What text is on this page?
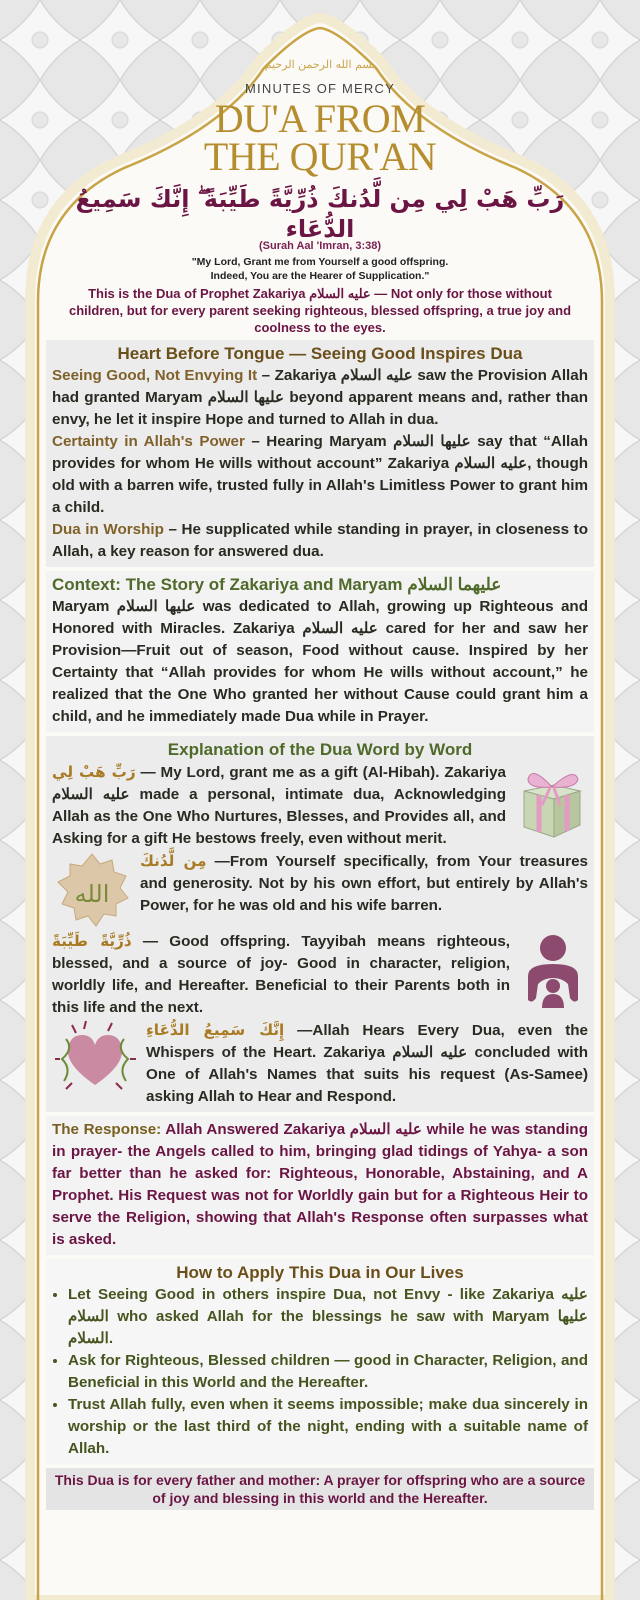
بسم الله الرحمن الرحيم
MINUTES OF MERCY
DU'A FROM
THE QUR'AN
رَبِّ هَبْ لِي مِن لَّدُنكَ ذُرِّيَّةً طَيِّبَةً ۖ إِنَّكَ سَمِيعُ الدُّعَاء
(Surah Aal 'Imran, 3:38)
"My Lord, Grant me from Yourself a good offspring.
Indeed, You are the Hearer of Supplication."
This is the Dua of Prophet Zakariya عليه السلام — Not only for those without children, but for every parent seeking righteous, blessed offspring, a true joy and coolness to the eyes.
Heart Before Tongue — Seeing Good Inspires Dua

Seeing Good, Not Envying It – Zakariya عليه السلام saw the Provision Allah had granted Maryam عليها السلام beyond apparent means and, rather than envy, he let it inspire Hope and turned to Allah in dua.

Certainty in Allah's Power – Hearing Maryam عليها السلام say that “Allah provides for whom He wills without account” Zakariya عليه السلام, though old with a barren wife, trusted fully in Allah's Limitless Power to grant him a child.

Dua in Worship – He supplicated while standing in prayer, in closeness to Allah, a key reason for answered dua.

Context: The Story of Zakariya and Maryam عليهما السلام

Maryam عليها السلام was dedicated to Allah, growing up Righteous and Honored with Miracles. Zakariya عليه السلام cared for her and saw her Provision—Fruit out of season, Food without cause. Inspired by her Certainty that “Allah provides for whom He wills without account,” he realized that the One Who granted her without Cause could grant him a child, and he immediately made Dua while in Prayer.

Explanation of the Dua Word by Word

رَبِّ هَبْ لِي — My Lord, grant me as a gift (Al-Hibah). Zakariya عليه السلام made a personal, intimate dua, Acknowledging Allah as the One Who Nurtures, Blesses, and Provides all, and Asking for a gift He bestows freely, even without merit.

الله

مِن لَّدُنكَ —From Yourself specifically, from Your treasures and generosity. Not by his own effort, but entirely by Allah's Power, for he was old and his wife barren.

ذُرِّيَّةً طَيِّبَةً — Good offspring. Tayyibah means righteous, blessed, and a source of joy- Good in character, religion, worldly life, and Hereafter. Beneficial to their Parents both in this life and the next.

إِنَّكَ سَمِيعُ الدُّعَاءِ —Allah Hears Every Dua, even the Whispers of the Heart. Zakariya عليه السلام concluded with One of Allah's Names that suits his request (As-Samee) asking Allah to Hear and Respond.

The Response: Allah Answered Zakariya عليه السلام while he was standing in prayer- the Angels called to him, bringing glad tidings of Yahya- a son far better than he asked for: Righteous, Honorable, Abstaining, and A Prophet. His Request was not for Worldly gain but for a Righteous Heir to serve the Religion, showing that Allah's Response often surpasses what is asked.

How to Apply This Dua in Our Lives
• Let Seeing Good in others inspire Dua, not Envy - like Zakariya عليه السلام who asked Allah for the blessings he saw with Maryam عليها السلام.
• Ask for Righteous, Blessed children — good in Character, Religion, and Beneficial in this World and the Hereafter.
• Trust Allah fully, even when it seems impossible; make dua sincerely in worship or the last third of the night, ending with a suitable name of Allah.
This Dua is for every father and mother: A prayer for offspring who are a source of joy and blessing in this world and the Hereafter.
